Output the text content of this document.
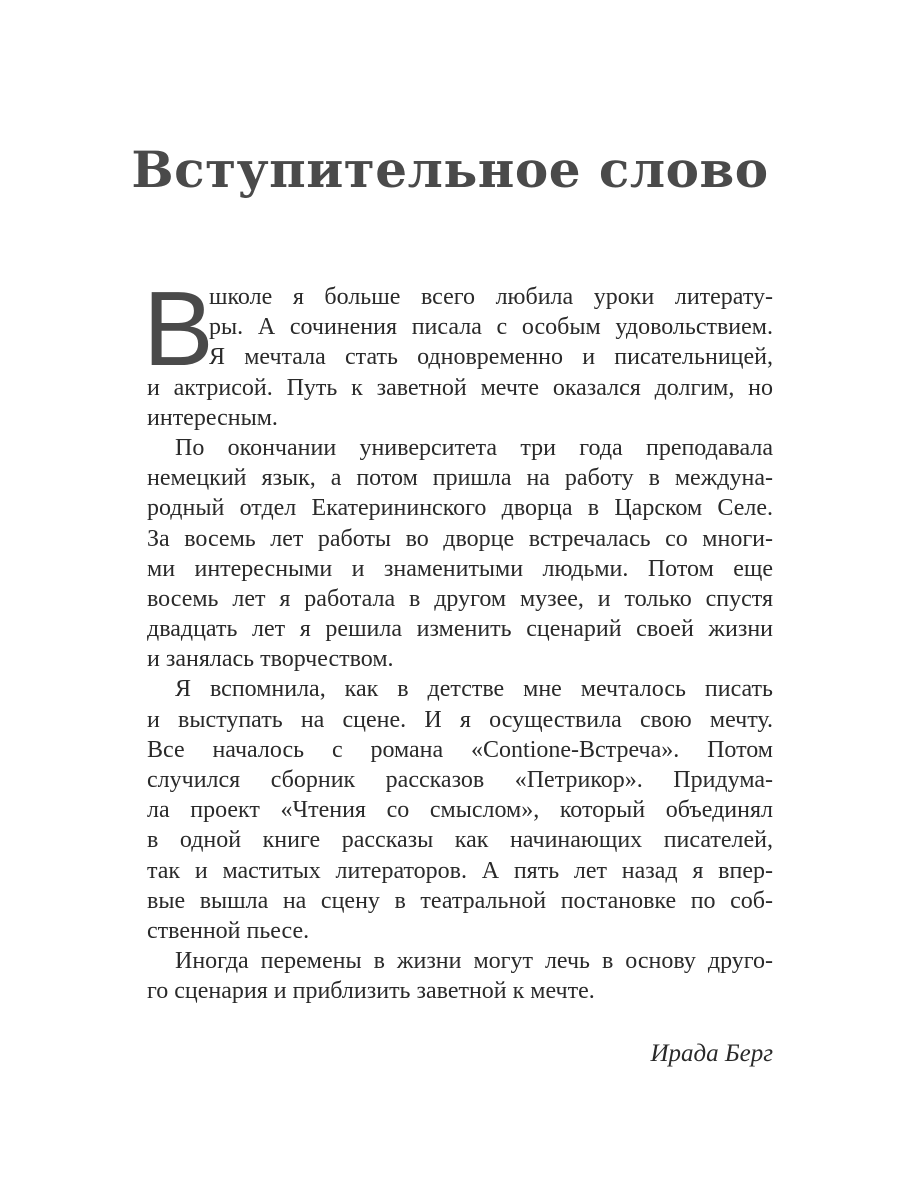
Вступительное слово
В
школе я больше всего любила уроки литерату-
ры. А сочинения писала с особым удовольствием.
Я мечтала стать одновременно и писательницей,
и актрисой. Путь к заветной мечте оказался долгим, но
интересным.
По окончании университета три года преподавала
немецкий язык, а потом пришла на работу в междуна-
родный отдел Екатерининского дворца в Царском Селе.
За восемь лет работы во дворце встречалась со многи-
ми интересными и знаменитыми людьми. Потом еще
восемь лет я работала в другом музее, и только спустя
двадцать лет я решила изменить сценарий своей жизни
и занялась творчеством.
Я вспомнила, как в детстве мне мечталось писать
и выступать на сцене. И я осуществила свою мечту.
Все началось с романа «Contione-Встреча». Потом
случился сборник рассказов «Петрикор». Придума-
ла проект «Чтения со смыслом», который объединял
в одной книге рассказы как начинающих писателей,
так и маститых литераторов. А пять лет назад я впер-
вые вышла на сцену в театральной постановке по соб-
ственной пьесе.
Иногда перемены в жизни могут лечь в основу друго-
го сценария и приблизить заветной к мечте.
Ирада Берг
